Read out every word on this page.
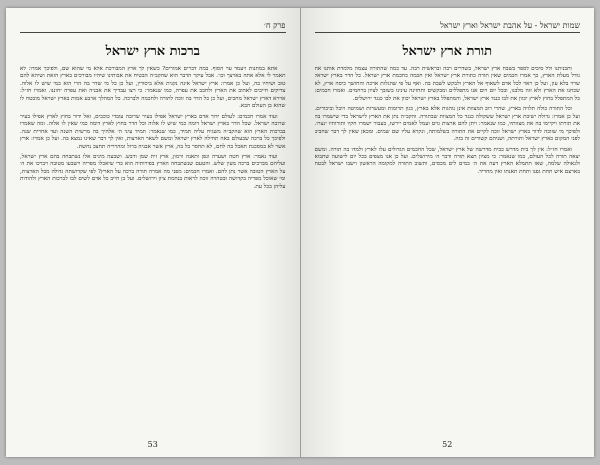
פרק ח׳
ברכות ארץ ישראל

אתא במתנות ויעמד ער הסוף. במה דברים אמורים? כשאין לך ארץ המבורכת אלא מי שהוא שם, ולפיכך אמרו: לא תאמר לי אלא אתה בארצך וכו׳. אבל עיקר הדבר הוא שהקב״ה הבטיח את אבותינו שיהיו מבורכים בארץ הזאת ושיהא להם טוב ושיחיו בה, ועל כן אמרו: ארץ ישראל אינה נקנית אלא ביסורין, ועל כן כל מי שדר בה הרי הוא כמי שיש לו אלוה. צדיקים חייבים לאהוב את הארץ ולחבב את עפרה, כמו שנאמר: כי רצו עבדיך את אבניה ואת עפרה יחוננו. ואמרו חז״ל: אוירא דארץ ישראל מחכים, ועל כן כל הדר בה זוכה לתורה ולחכמה ולברכה. כל המהלך ארבע אמות בארץ ישראל מובטח לו שהוא בן העולם הבא.

ועוד אמרו חכמים: לעולם ידור אדם בארץ ישראל אפילו בעיר שרובה עובדי כוכבים, ואל ידור בחוץ לארץ אפילו בעיר שרובה ישראל. שכל הדר בארץ ישראל דומה כמי שיש לו אלוה וכל הדר בחוץ לארץ דומה כמי שאין לו אלוה. ומה שאמרו בברכות הארץ הוא שהקב״ה משגיח עליה תמיד, כמו שנאמר: תמיד עיני ה׳ אלהיך בה מרשית השנה ועד אחרית שנה. ולפיכך כל ברכה שבעולם באה תחילה לארץ ישראל ומשם לשאר הארצות, ואין לך דבר שאינו נמצא בה. ועל כן אמרו: ארץ אשר לא במסכנת תאכל בה לחם, לא תחסר כל בה, ארץ אשר אבניה ברזל ומהרריה תחצב נחשת.

ועוד נאמר: ארץ חטה ושערה וגפן ותאנה ורמון, ארץ זית שמן ודבש. ושבעה מינים אלו נשתבחה בהם ארץ ישראל, ועליהם מברכים ברכה מעין שלש. והטעם שנשתבחה הארץ בפירותיה הוא כדי שיאכלו מפריה וישבעו מטובה ויברכו את ה׳ על הארץ הטובה אשר נתן להם. ואמרו חכמים: מפני מה אמרה תורה ברכה על הארץ? לפי שקדושתה גדולה מכל הארצות, ומי שאוכל מפריה בקדושה ובטהרה זוכה לראות בנחמת ציון וירושלים. ועל כן חייב כל אדם לשים לבו לברכות הארץ ולהודות עליהן בכל עת.

53
שמות ישראל - על אהבת ישראל וארץ ישראל
תורת ארץ ישראל

ותכניתנו ולל סיבים לספר בשבח ארץ ישראל, בשדרים רבה ובראשית רבה. עד כמה שהתורה עצמה מלמדת אותנו את גודל מעלת הארץ, כך אמרו חכמים שאין תורה כתורת ארץ ישראל ואין חכמה כחכמת ארץ ישראל. כל הדר בארץ ישראל שרוי בלא עון, ועל כן ראוי לכל אדם לשאוף אל הארץ ולבקש לשבת בה. ואף על פי שהגלות ארכה והחושך כיסה ארץ, לא שכחנו את הארץ ולא זזה מלבנו, ובכל יום ויום אנו מתפללים ומבקשים ותחזינה עינינו בשובך לציון ברחמים. ואמרו חכמים: כל המתפלל בחוץ לארץ יכוון את לבו כנגד ארץ ישראל, והמתפלל בארץ ישראל יכוון את לבו כנגד ירושלים.

וכל התורה כולה תלויה בארץ, שהרי רוב המצוות אינן נוהגות אלא בארץ, כגון תרומות ומעשרות ושמיטה ויובל וביכורים. ועל כן אמרו: גדולה ישיבת ארץ ישראל ששקולה כנגד כל המצוות שבתורה. והקב״ה נתן את הארץ לישראל כדי שישמרו בה את תורתו ויקיימו בה את מצוותיו, כמו שנאמר: ויתן להם ארצות גוים ועמל לאמים יירשו, בעבור ישמרו חקיו ותורותיו ינצרו. ולפיכך מי שזוכה לדור בארץ ישראל זוכה לקיים את התורה בשלמותה, ונקרא עליו שם שמים. ומכאן שאין לך דבר שחביב לפני המקום כארץ ישראל ותורתה, ושניהם קשורים זה בזה.

ואמרו חז״ל: אין לך בית מדרש כבית מדרשה של ארץ ישראל, שכל החכמים הגדולים עלו לארץ ולמדו בה תורה. ומשם יצאה תורה לכל העולם, כמו שנאמר: כי מציון תצא תורה ודבר ה׳ מירושלים. ועל כן אנו מצפים בכל יום לישועה שתבוא ולגאולה שלמה, שאז תתמלא הארץ דעה את ה׳ כמים לים מכסים, ותשוב התורה למקומה הראשון וישבו ישראל לבטח בארצם איש תחת גפנו ותחת תאנתו ואין מחריד.

52
